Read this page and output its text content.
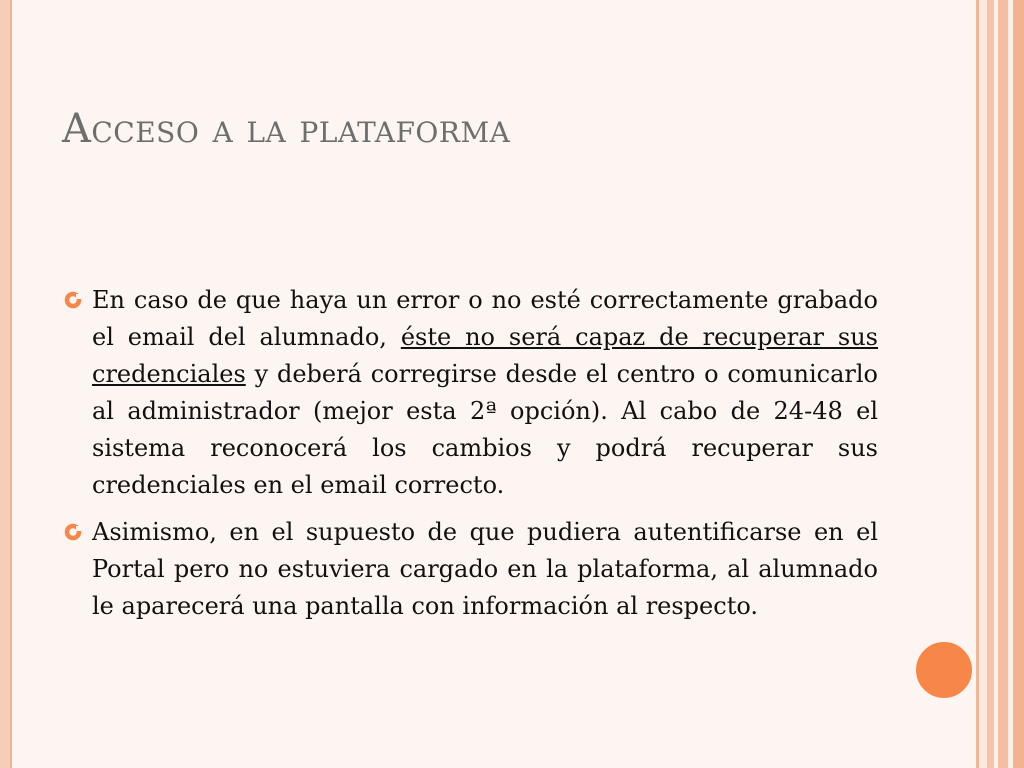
Acceso a la plataforma
En caso de que haya un error o no esté correctamente grabado el email del alumnado, éste no será capaz de recuperar sus credenciales y deberá corregirse desde el centro o comunicarlo al administrador (mejor esta 2ª opción). Al cabo de 24-48 el sistema reconocerá los cambios y podrá recuperar sus credenciales en el email correcto.
Asimismo, en el supuesto de que pudiera autentificarse en el Portal pero no estuviera cargado en la plataforma, al alumnado le aparecerá una pantalla con información al respecto.
